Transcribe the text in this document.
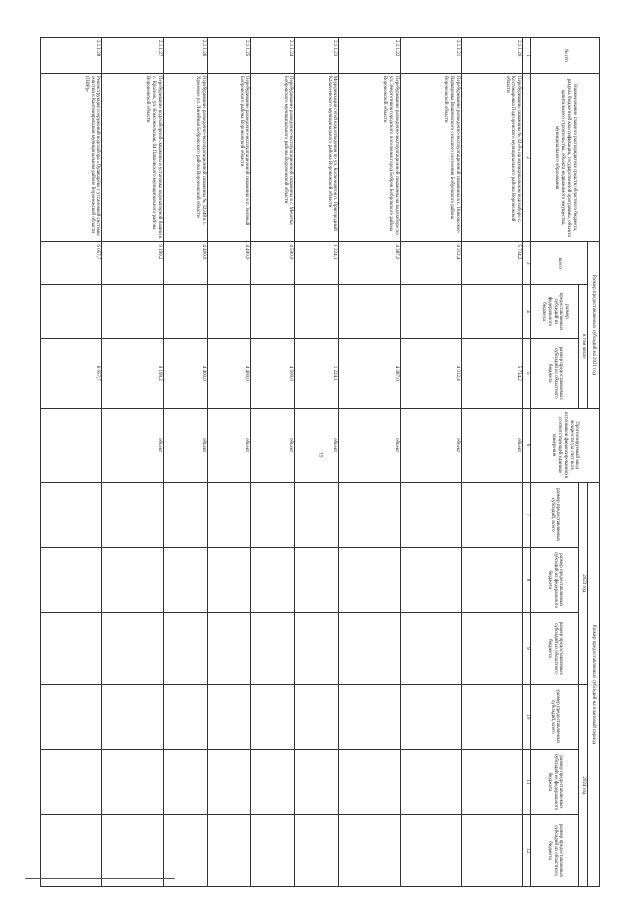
15
№ п/п	Наименование главного распорядителя средств областного бюджета, раздела бюджетной классификации, государственной программы, объекта капитального строительства, объекта недвижимого имущества, муниципального образования	Размер предоставляемых субсидий на 2021 год			Прогнозируемый ввод мощности (за счет всех источников финансирования) в соответствующей единице измерения	Размер предоставляемых субсидий на плановый период					
		всего	в том числе			2023 год			2024 год		
			размер предоставляемых субсидий из федерального бюджета	размер предоставляемых субсидий из областного бюджета		размер предоставляемых субсидий, всего	размер предоставляемых субсидий из федерального бюджета	размер предоставляемых субсидий из областного бюджета	размер предоставляемых субсидий, всего	размер предоставляемых субсидий из федерального бюджета	размер предоставляемых субсидий из областного бюджета

1	2	3	4	5	6	7	8	9	10	11	12
2.1.1.20	Перебуривание скважины № 32«б» на муниципальном водозаборе с. Костомаровка Подгоренского муниципального района Воронежской области	5 734,2		5 734,2	объект						
2.1.1.21	Перебуривание разведочно-эксплуатационной скважины в с. Никольское-Варваровка Вишневского сельского поселения Бобровского района Воронежской области	4 312,4		4 312,4	объект						
2.1.1.22	Перебуривание разведочно-эксплуатационной скважины на водозаборе по ул. Энергетиков городского поселения город Бобров Бобровского района Воронежской области	4 387,0		4 387,0	объект						
2.1.1.23	Модернизация сетей водоотведения по ул. Космонавтов п. Пригородный Калачеевского муниципального района Воронежской области	1 224,1		1 224,1	объект						
2.1.1.24	Перебуривание разведочно-эксплуатационной скважины в с. Мечетка Бобровского муниципального района Воронежской области	4 500,0		4 500,0	объект						
2.1.1.25	Перебуривание разведочно-эксплуатационной скважины в п. Зеленый Бобровского района Воронежской области	4 400,0		4 400,0	объект						
2.1.1.26	Перебуривание разведочно-эксплуатационной скважины № 32248 в с. Хреновое ул. Линейная Бобровского района Воронежской области	4 400,0		4 400,0	объект						
2.1.1.27	Перебуривание водозаборной скважины и установка водонапорной башни в с. Краснов, ул. Комсомольская, 64 Павловского муниципального района Воронежской области	9 199,2		9 199,2	объект						
2.1.1.28	Реконструкция сооружений водозабора «Пушкарёво с установкой системы очистки в Кантемировском муниципальном районе Воронежской области (ПИР)»	6 057,7		6 057,7							
